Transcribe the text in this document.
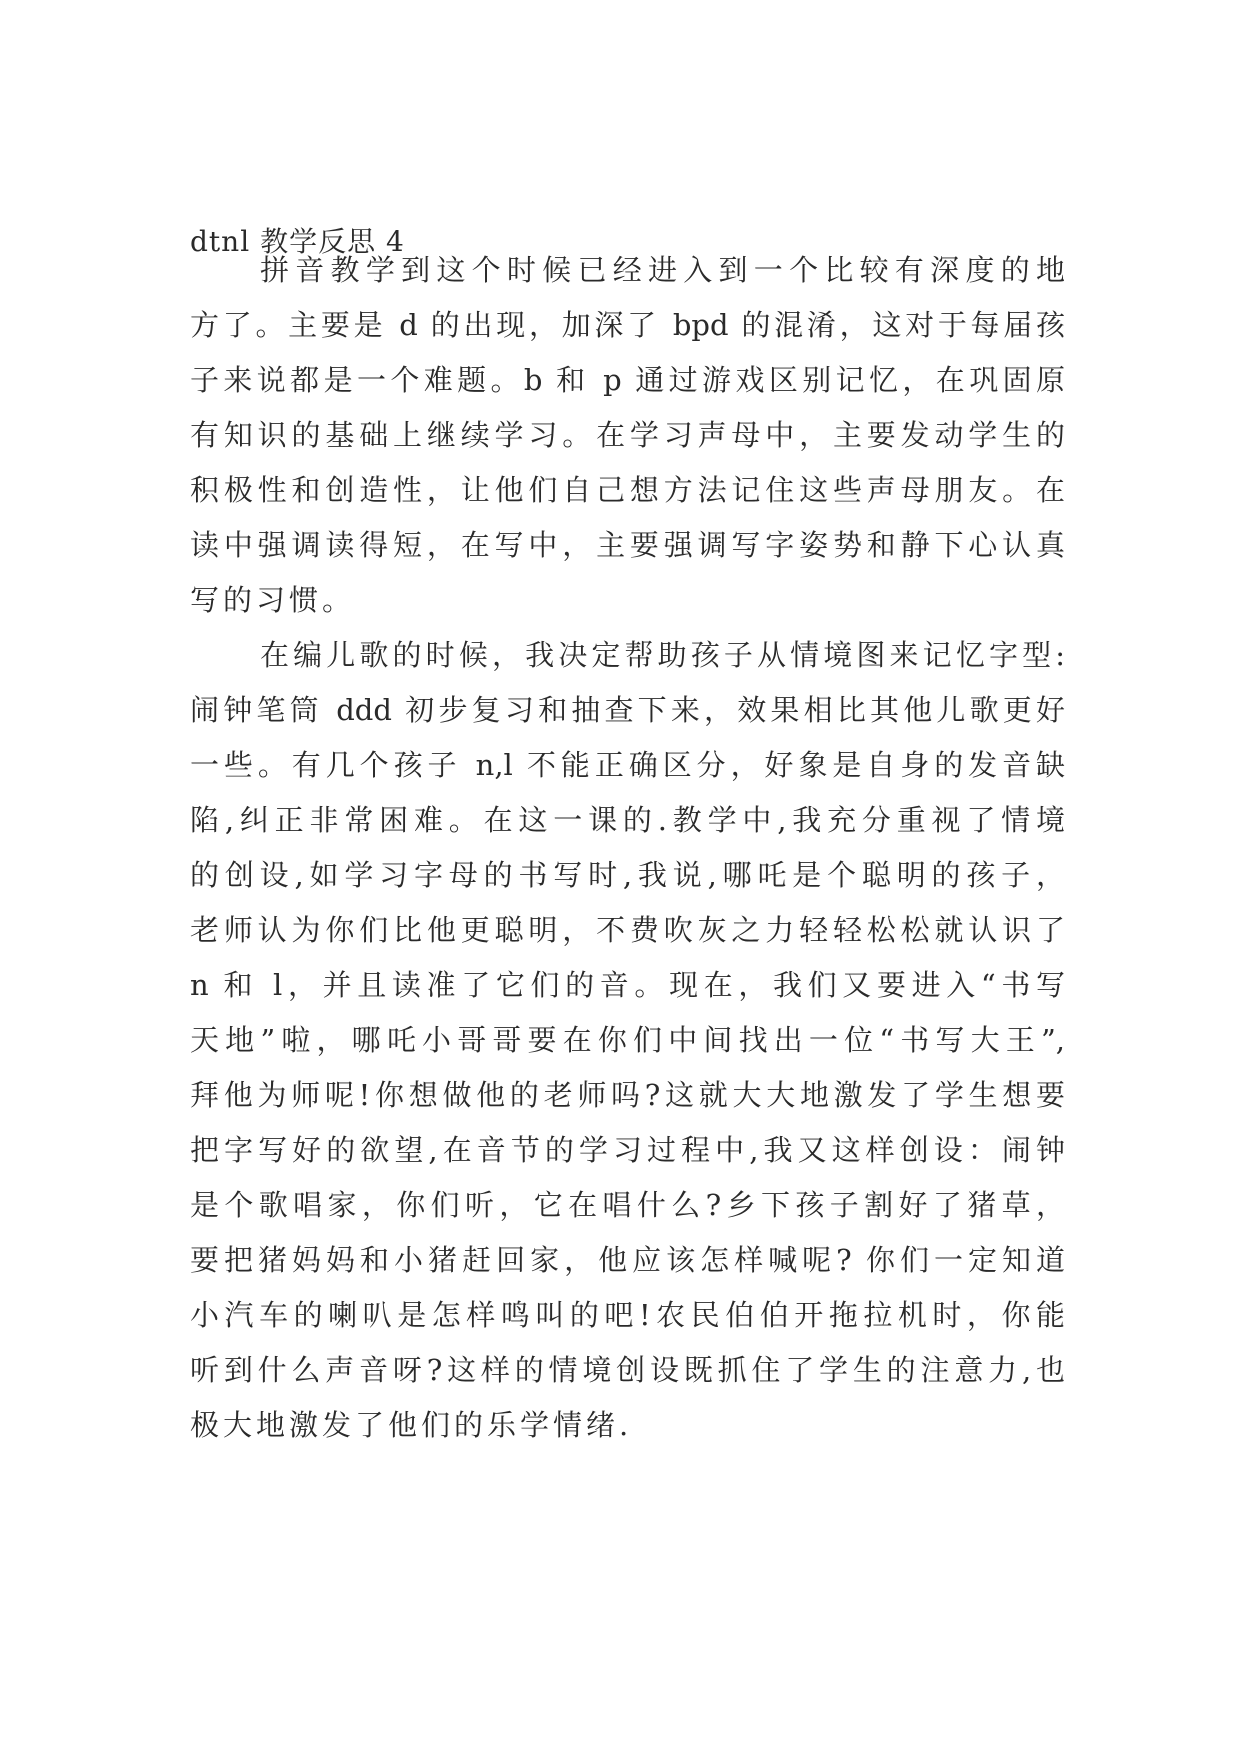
dtnl 教学反思 4
拼音教学到这个时候已经进入到一个比较有深度的地
方了。主要是 d 的出现，加深了 bpd 的混淆，这对于每届孩
子来说都是一个难题。b 和 p 通过游戏区别记忆，在巩固原
有知识的基础上继续学习。在学习声母中，主要发动学生的
积极性和创造性，让他们自己想方法记住这些声母朋友。在
读中强调读得短，在写中，主要强调写字姿势和静下心认真
写的习惯。
在编儿歌的时候，我决定帮助孩子从情境图来记忆字型:
闹钟笔筒 ddd 初步复习和抽查下来，效果相比其他儿歌更好
一些。有几个孩子 n,l 不能正确区分，好象是自身的发音缺
陷,纠正非常困难。在这一课的.教学中,我充分重视了情境
的创设,如学习字母的书写时,我说,哪吒是个聪明的孩子，
老师认为你们比他更聪明，不费吹灰之力轻轻松松就认识了
n 和 l，并且读准了它们的音。现在，我们又要进入“书写
天地”啦，哪吒小哥哥要在你们中间找出一位“书写大王”,
拜他为师呢!你想做他的老师吗?这就大大地激发了学生想要
把字写好的欲望,在音节的学习过程中,我又这样创设：闹钟
是个歌唱家，你们听，它在唱什么?乡下孩子割好了猪草，
要把猪妈妈和小猪赶回家，他应该怎样喊呢? 你们一定知道
小汽车的喇叭是怎样鸣叫的吧!农民伯伯开拖拉机时，你能
听到什么声音呀?这样的情境创设既抓住了学生的注意力,也
极大地激发了他们的乐学情绪.
